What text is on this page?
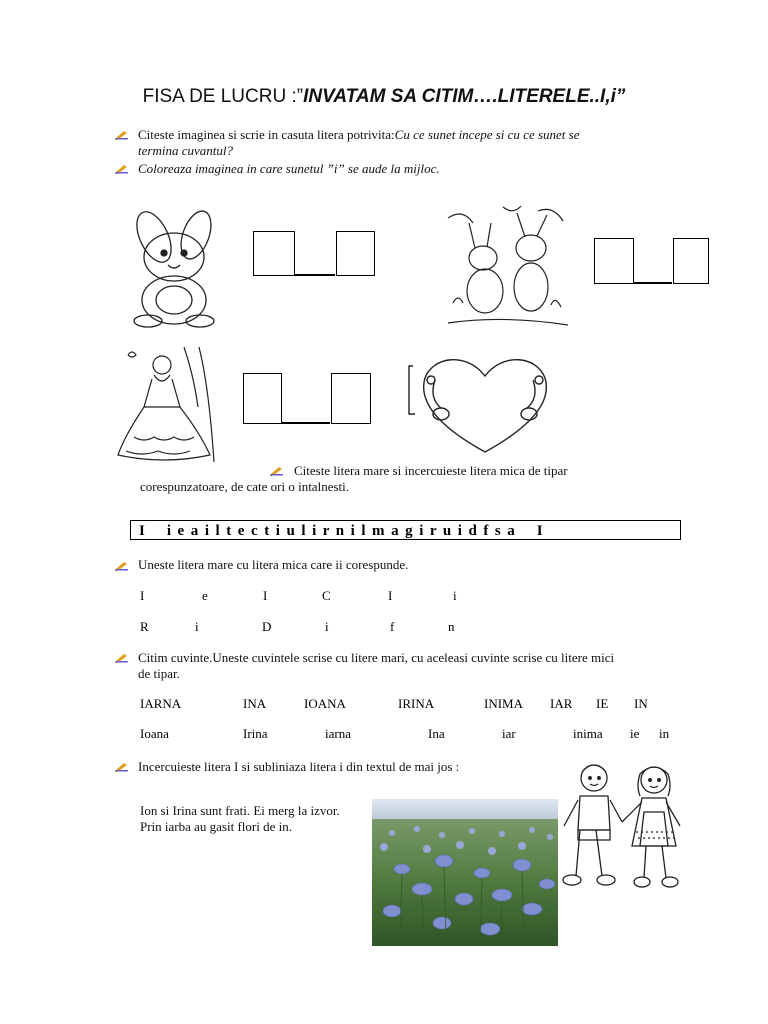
FISA DE LUCRU :”INVATAM SA CITIM….LITERELE..I,i”
Citeste imaginea si scrie in casuta litera potrivita:Cu ce sunet incepe si cu ce sunet se
termina cuvantul?
Coloreaza imaginea in care sunetul ”i” se aude la mijloc.
Citeste litera mare si incercuieste litera mica de tipar
corespunzatoare, de cate ori o intalnesti.
I    i e a i l t e c t i u l i r n i l m a g i r u i d f s a    I
Uneste litera mare cu litera mica care ii corespunde.
I	e	I	C	I	i
R	i	D	i	f	n
Citim cuvinte.Uneste cuvintele scrise cu litere mari, cu aceleasi cuvinte scrise cu litere mici
de tipar.
IARNA	INA	IOANA	IRINA	INIMA IAR IE IN
Ioana	Irina	iarna	Ina	iar	inima ie in
Incercuieste litera I si subliniaza litera i din textul de mai jos :
Ion si Irina sunt frati. Ei merg la izvor.
Prin iarba au gasit flori de in.
